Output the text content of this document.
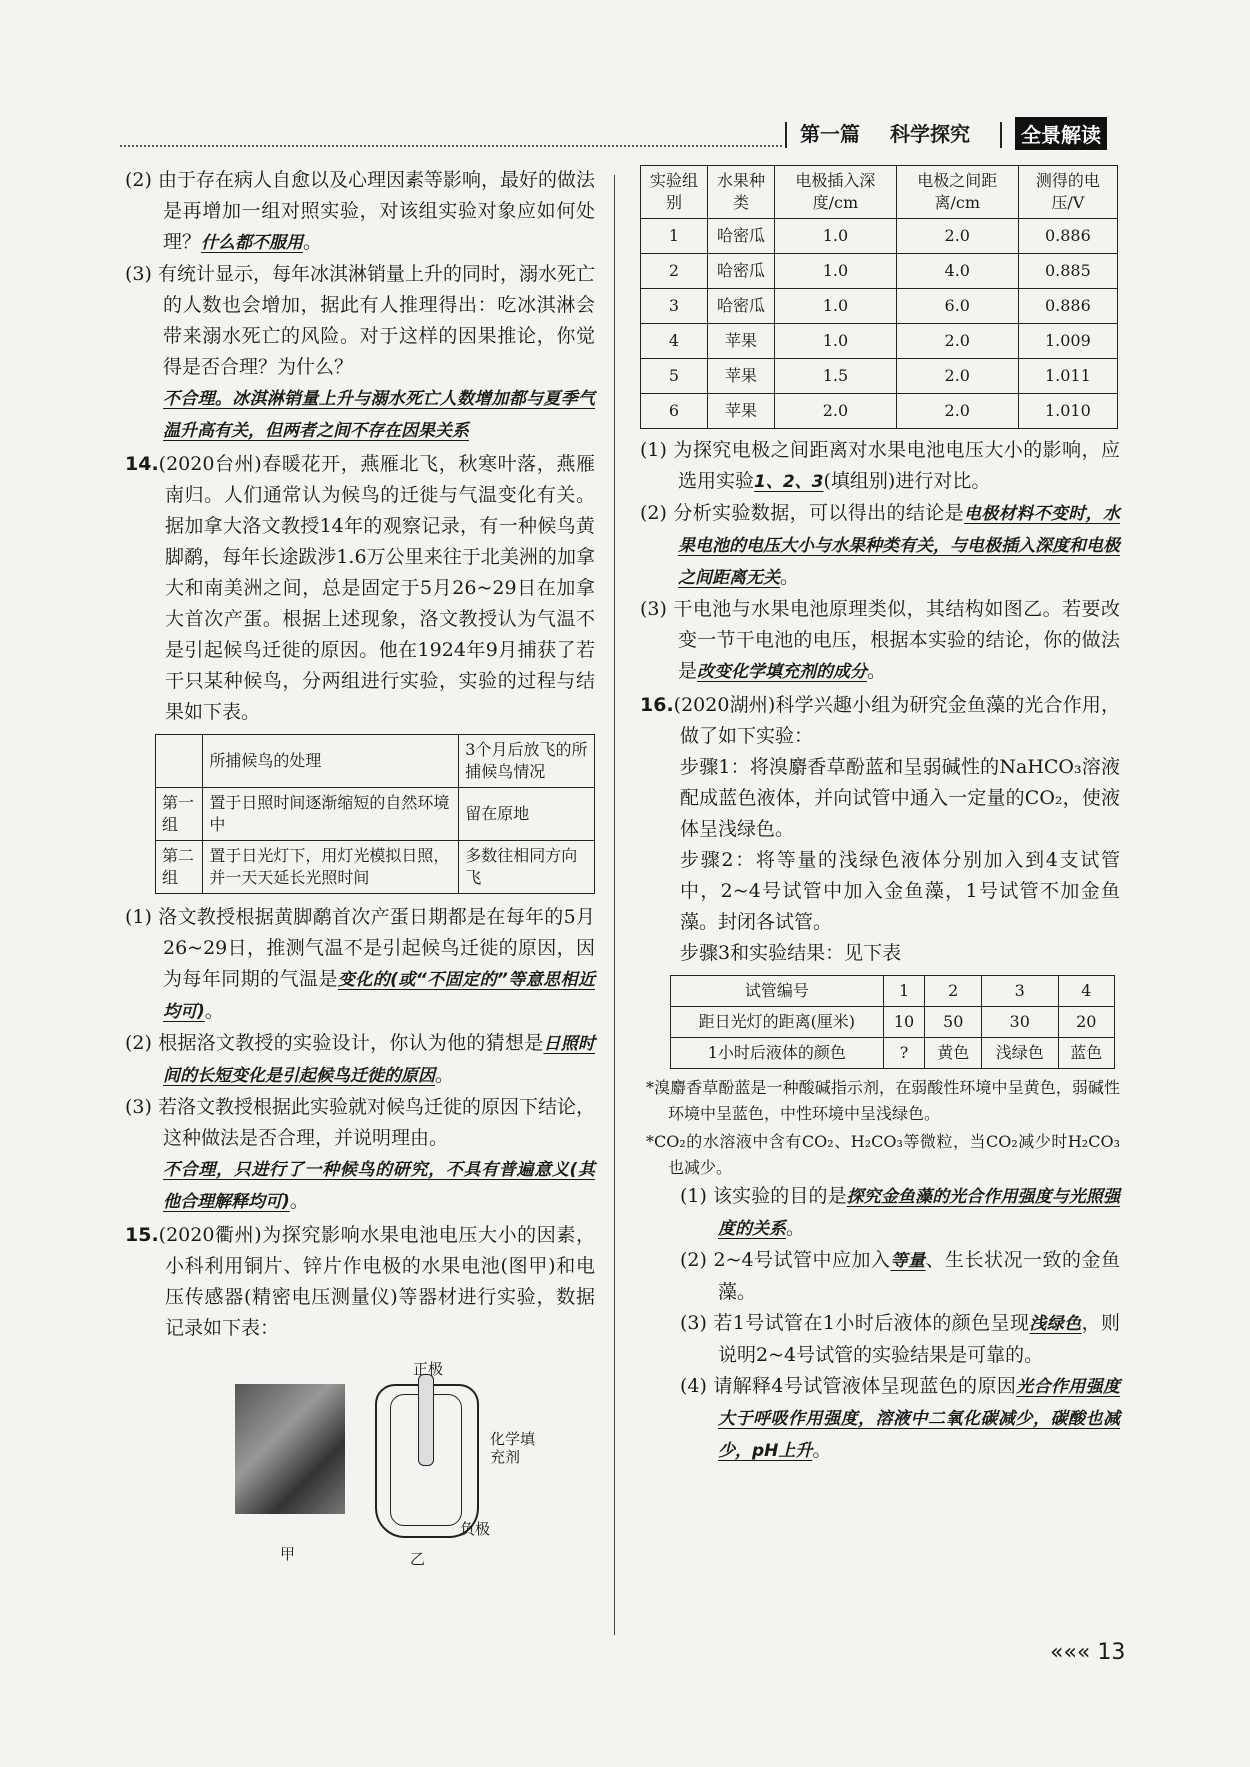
第一篇 科学探究	全景解读

(2) 由于存在病人自愈以及心理因素等影响，最好的做法是再增加一组对照实验，对该组实验对象应如何处理？什么都不服用。

(3) 有统计显示，每年冰淇淋销量上升的同时，溺水死亡的人数也会增加，据此有人推理得出：吃冰淇淋会带来溺水死亡的风险。对于这样的因果推论，你觉得是否合理？为什么？
不合理。冰淇淋销量上升与溺水死亡人数增加都与夏季气温升高有关，但两者之间不存在因果关系

14.(2020台州)春暖花开，燕雁北飞，秋寒叶落，燕雁南归。人们通常认为候鸟的迁徙与气温变化有关。据加拿大洛文教授14年的观察记录，有一种候鸟黄脚鹬，每年长途跋涉1.6万公里来往于北美洲的加拿大和南美洲之间，总是固定于5月26~29日在加拿大首次产蛋。根据上述现象，洛文教授认为气温不是引起候鸟迁徙的原因。他在1924年9月捕获了若干只某种候鸟，分两组进行实验，实验的过程与结果如下表。

	所捕候鸟的处理	3个月后放飞的所捕候鸟情况
第一组	置于日照时间逐渐缩短的自然环境中	留在原地
第二组	置于日光灯下，用灯光模拟日照，并一天天延长光照时间	多数往相同方向飞

(1) 洛文教授根据黄脚鹬首次产蛋日期都是在每年的5月26~29日，推测气温不是引起候鸟迁徙的原因，因为每年同期的气温是变化的(或“不固定的”等意思相近均可)。

(2) 根据洛文教授的实验设计，你认为他的猜想是日照时间的长短变化是引起候鸟迁徙的原因。

(3) 若洛文教授根据此实验就对候鸟迁徙的原因下结论，这种做法是否合理，并说明理由。
不合理，只进行了一种候鸟的研究，不具有普遍意义(其他合理解释均可)。

15.(2020衢州)为探究影响水果电池电压大小的因素，小科利用铜片、锌片作电极的水果电池(图甲)和电压传感器(精密电压测量仪)等器材进行实验，数据记录如下表：

甲
正极
化学填
充剂
负极
乙
实验组别	水果种类	电极插入深度/cm	电极之间距离/cm	测得的电压/V
1	哈密瓜	1.0	2.0	0.886
2	哈密瓜	1.0	4.0	0.885
3	哈密瓜	1.0	6.0	0.886
4	苹果	1.0	2.0	1.009
5	苹果	1.5	2.0	1.011
6	苹果	2.0	2.0	1.010

(1) 为探究电极之间距离对水果电池电压大小的影响，应选用实验1、2、3(填组别)进行对比。

(2) 分析实验数据，可以得出的结论是电极材料不变时，水果电池的电压大小与水果种类有关，与电极插入深度和电极之间距离无关。

(3) 干电池与水果电池原理类似，其结构如图乙。若要改变一节干电池的电压，根据本实验的结论，你的做法是改变化学填充剂的成分。

16.(2020湖州)科学兴趣小组为研究金鱼藻的光合作用，做了如下实验：

步骤1：将溴麝香草酚蓝和呈弱碱性的NaHCO₃溶液配成蓝色液体，并向试管中通入一定量的CO₂，使液体呈浅绿色。

步骤2：将等量的浅绿色液体分别加入到4支试管中，2~4号试管中加入金鱼藻，1号试管不加金鱼藻。封闭各试管。

步骤3和实验结果：见下表

试管编号	1	2	3	4
距日光灯的距离(厘米)	10	50	30	20
1小时后液体的颜色	?	黄色	浅绿色	蓝色

*溴麝香草酚蓝是一种酸碱指示剂，在弱酸性环境中呈黄色，弱碱性环境中呈蓝色，中性环境中呈浅绿色。

*CO₂的水溶液中含有CO₂、H₂CO₃等微粒，当CO₂减少时H₂CO₃也减少。

(1) 该实验的目的是探究金鱼藻的光合作用强度与光照强度的关系。

(2) 2~4号试管中应加入等量、生长状况一致的金鱼藻。

(3) 若1号试管在1小时后液体的颜色呈现浅绿色，则说明2~4号试管的实验结果是可靠的。

(4) 请解释4号试管液体呈现蓝色的原因光合作用强度大于呼吸作用强度，溶液中二氧化碳减少，碳酸也减少，pH上升。

««« 13
